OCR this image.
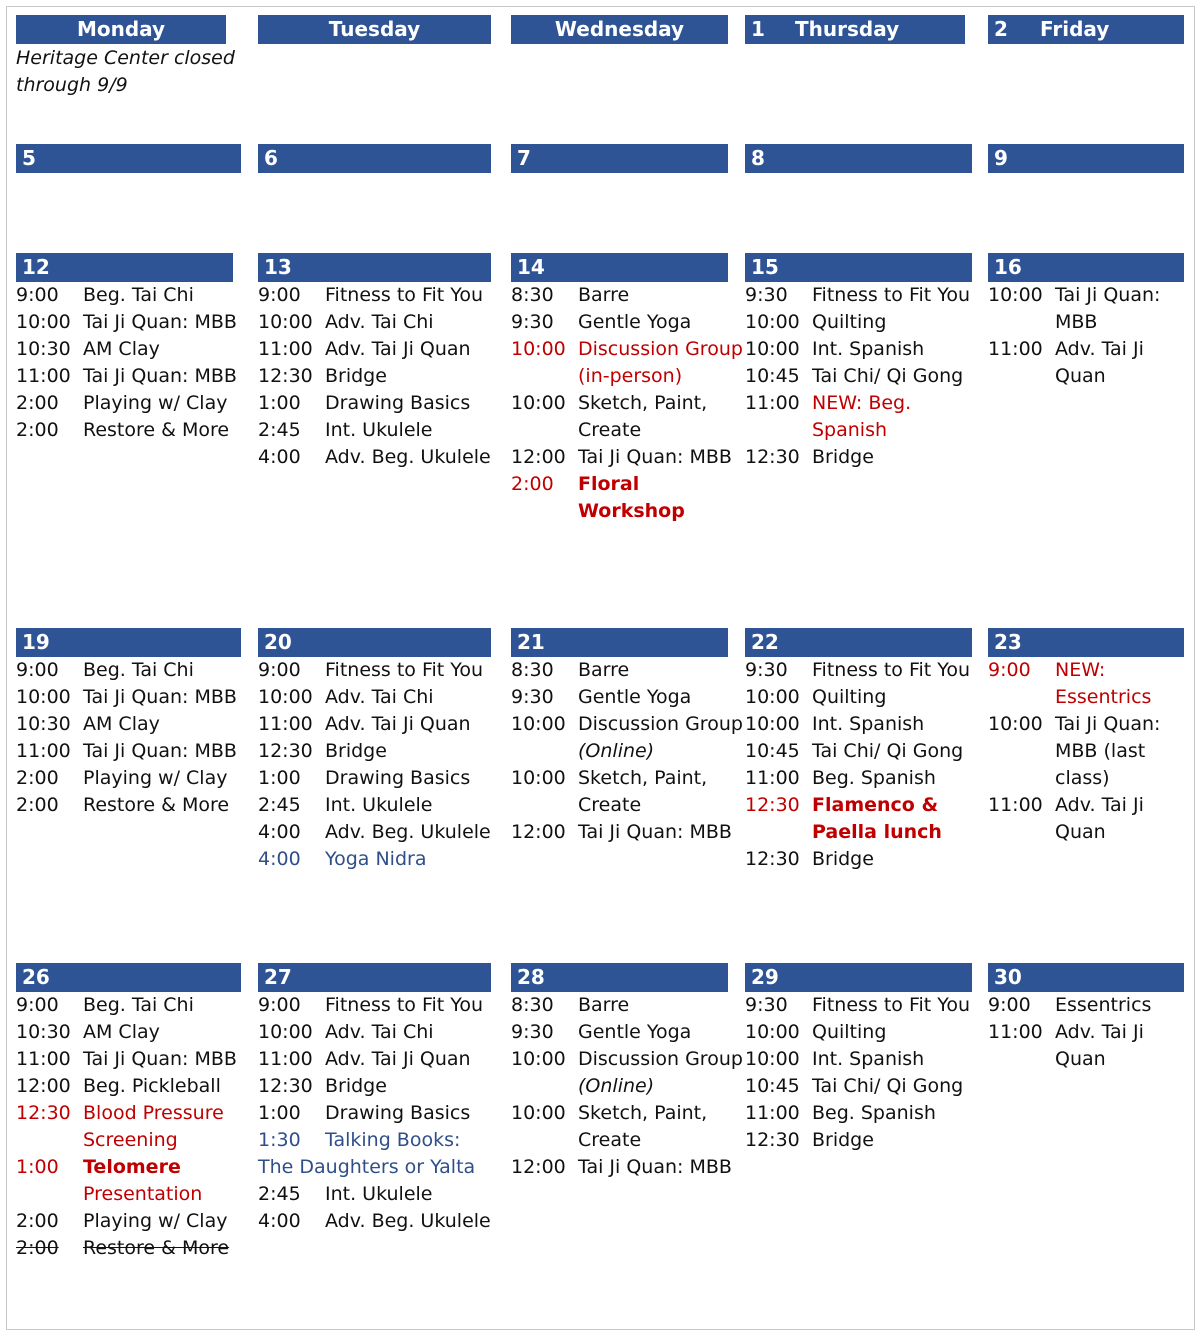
Monday	Tuesday	Wednesday	1 Thursday	2 Friday
Heritage Center closed through 9/9
5	6	7	8	9
12
9:00	Beg. Tai Chi
10:00 Tai Ji Quan: MBB
10:30 AM Clay
11:00 Tai Ji Quan: MBB
2:00	Playing w/ Clay
2:00	Restore & More
13
9:00	Fitness to Fit You
10:00 Adv. Tai Chi
11:00 Adv. Tai Ji Quan
12:30 Bridge
1:00	Drawing Basics
2:45	Int. Ukulele
4:00	Adv. Beg. Ukulele
14
8:30	Barre
9:30	Gentle Yoga
10:00 Discussion Group (in-person)
10:00 Sketch, Paint, Create
12:00 Tai Ji Quan: MBB
2:00	Floral Workshop
15
9:30	Fitness to Fit You
10:00 Quilting
10:00 Int. Spanish
10:45 Tai Chi/ Qi Gong
11:00 NEW: Beg. Spanish
12:30 Bridge
16
10:00 Tai Ji Quan: MBB
11:00 Adv. Tai Ji Quan
19
9:00	Beg. Tai Chi
10:00 Tai Ji Quan: MBB
10:30 AM Clay
11:00 Tai Ji Quan: MBB
2:00	Playing w/ Clay
2:00	Restore & More
20
9:00	Fitness to Fit You
10:00 Adv. Tai Chi
11:00 Adv. Tai Ji Quan
12:30 Bridge
1:00	Drawing Basics
2:45	Int. Ukulele
4:00	Adv. Beg. Ukulele
4:00	Yoga Nidra
21
8:30	Barre
9:30	Gentle Yoga
10:00 Discussion Group
(Online)
10:00 Sketch, Paint, Create
12:00 Tai Ji Quan: MBB
22
9:30	Fitness to Fit You
10:00 Quilting
10:00 Int. Spanish
10:45 Tai Chi/ Qi Gong
11:00 Beg. Spanish
12:30 Flamenco & Paella lunch
12:30 Bridge
23
9:00	NEW: Essentrics
10:00 Tai Ji Quan: MBB (last class)
11:00 Adv. Tai Ji Quan
26
9:00	Beg. Tai Chi
10:30 AM Clay
11:00 Tai Ji Quan: MBB
12:00 Beg. Pickleball
12:30 Blood Pressure Screening
1:00	Telomere
Presentation
2:00	Playing w/ Clay
2:00	Restore & More
27
9:00	Fitness to Fit You
10:00 Adv. Tai Chi
11:00 Adv. Tai Ji Quan
12:30 Bridge
1:00	Drawing Basics
1:30 Talking Books: The Daughters or Yalta
2:45	Int. Ukulele
4:00	Adv. Beg. Ukulele
28
8:30	Barre
9:30	Gentle Yoga
10:00 Discussion Group
(Online)
10:00 Sketch, Paint, Create
12:00 Tai Ji Quan: MBB
29
9:30	Fitness to Fit You
10:00 Quilting
10:00 Int. Spanish
10:45 Tai Chi/ Qi Gong
11:00 Beg. Spanish
12:30 Bridge
30
9:00	Essentrics
11:00 Adv. Tai Ji Quan
